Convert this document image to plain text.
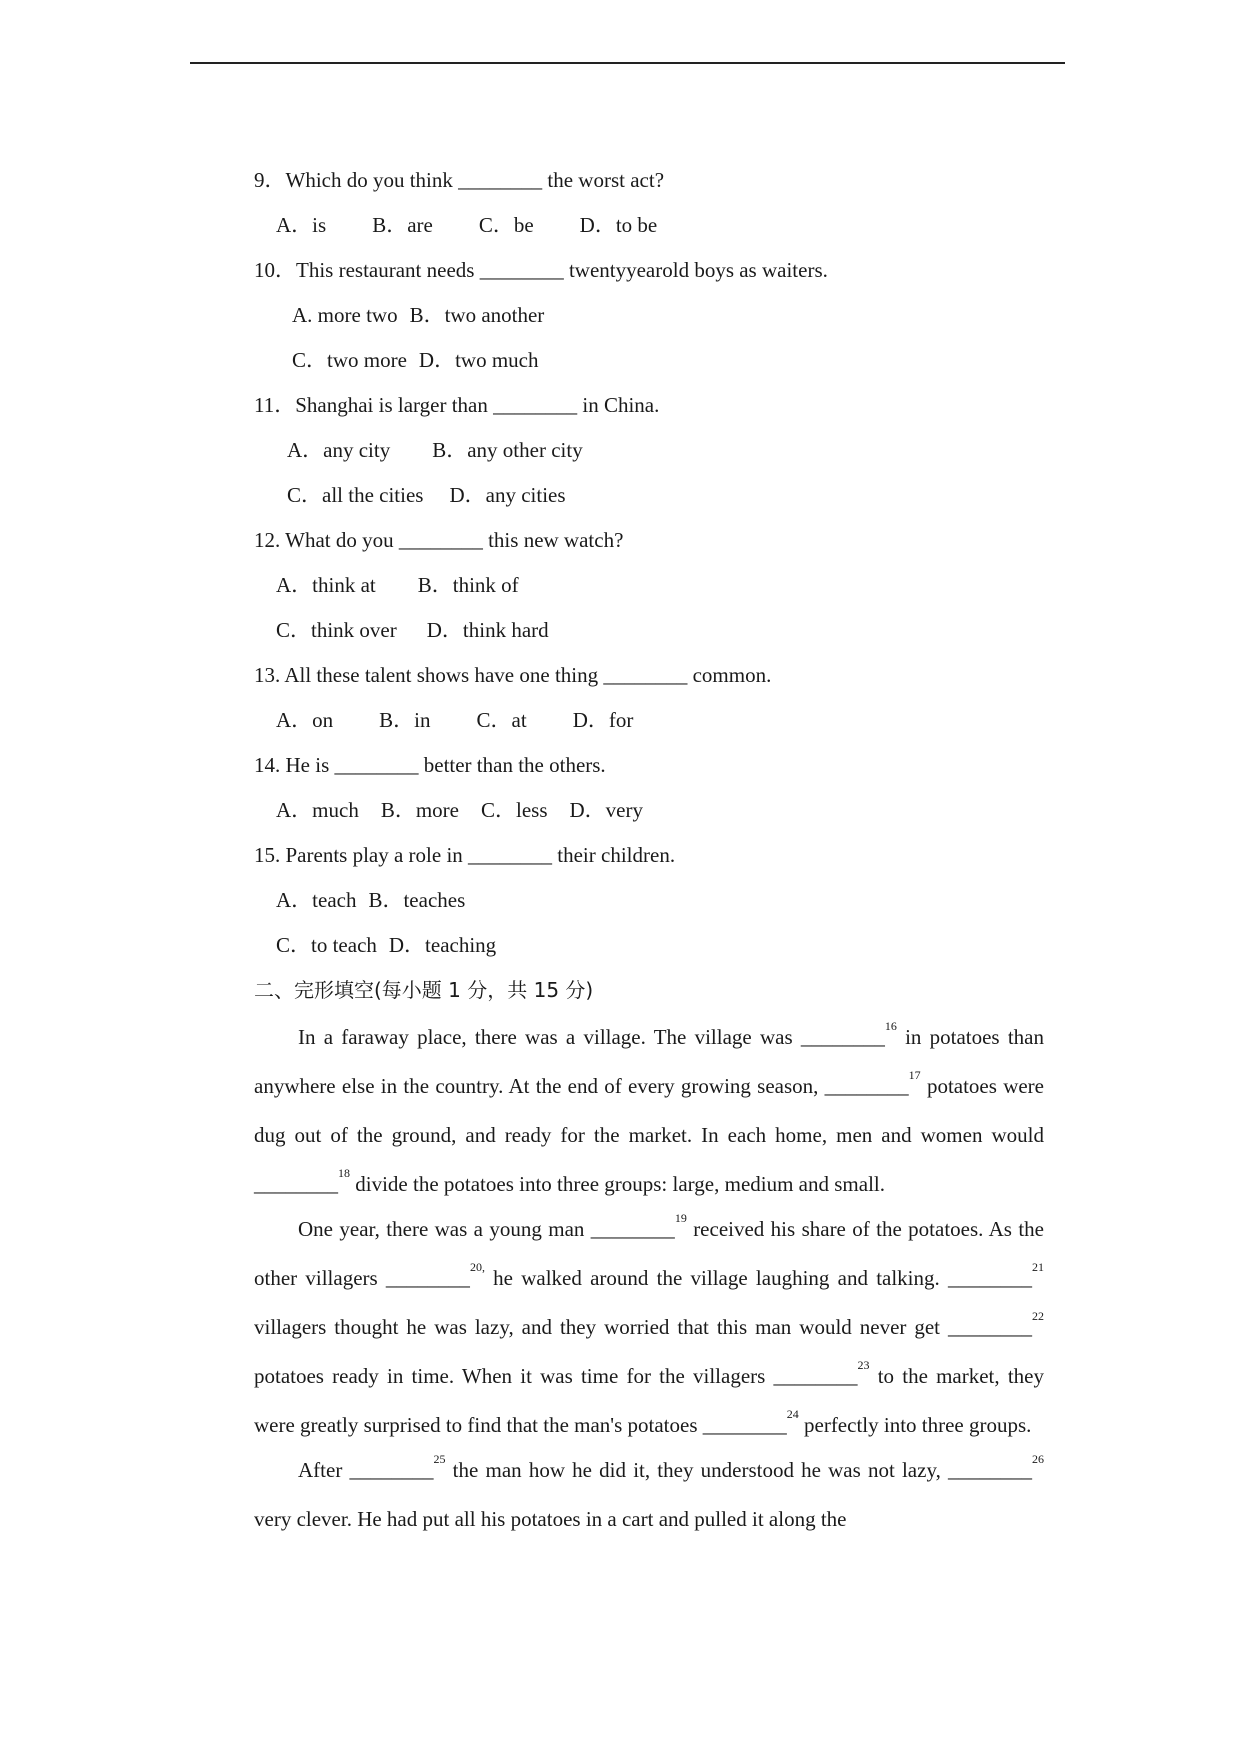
9．Which do you think ________ the worst act?
A．is B．are C．be D．to be
10．This restaurant needs ________ twentyyearold boys as waiters.
A. more two B．two another
C．two more D．two much
11．Shanghai is larger than ________ in China.
A．any city B．any other city
C．all the cities D．any cities
12. What do you ________ this new watch?
A．think at B．think of
C．think over D．think hard
13. All these talent shows have one thing ________ common.
A．on B．in C．at D．for
14. He is ________ better than the others.
A．much B．more C．less D．very
15. Parents play a role in ________ their children.
A．teach B．teaches
C．to teach D．teaching
二、完形填空(每小题 1 分，共 15 分)

In a faraway place, there was a village. The village was ________$^{16}$ in potatoes than anywhere else in the country. At the end of every growing season, ________$^{17}$ potatoes were dug out of the ground, and ready for the market. In each home, men and women would ________$^{18}$ divide the potatoes into three groups: large, medium and small.

One year, there was a young man ________$^{19}$ received his share of the potatoes. As the other villagers ________$^{20,}$ he walked around the village laughing and talking. ________$^{21}$ villagers thought he was lazy, and they worried that this man would never get ________$^{22}$ potatoes ready in time. When it was time for the villagers ________$^{23}$ to the market, they were greatly surprised to find that the man's potatoes ________$^{24}$ perfectly into three groups.

After ________$^{25}$ the man how he did it, they understood he was not lazy, ________$^{26}$ very clever. He had put all his potatoes in a cart and pulled it along the
